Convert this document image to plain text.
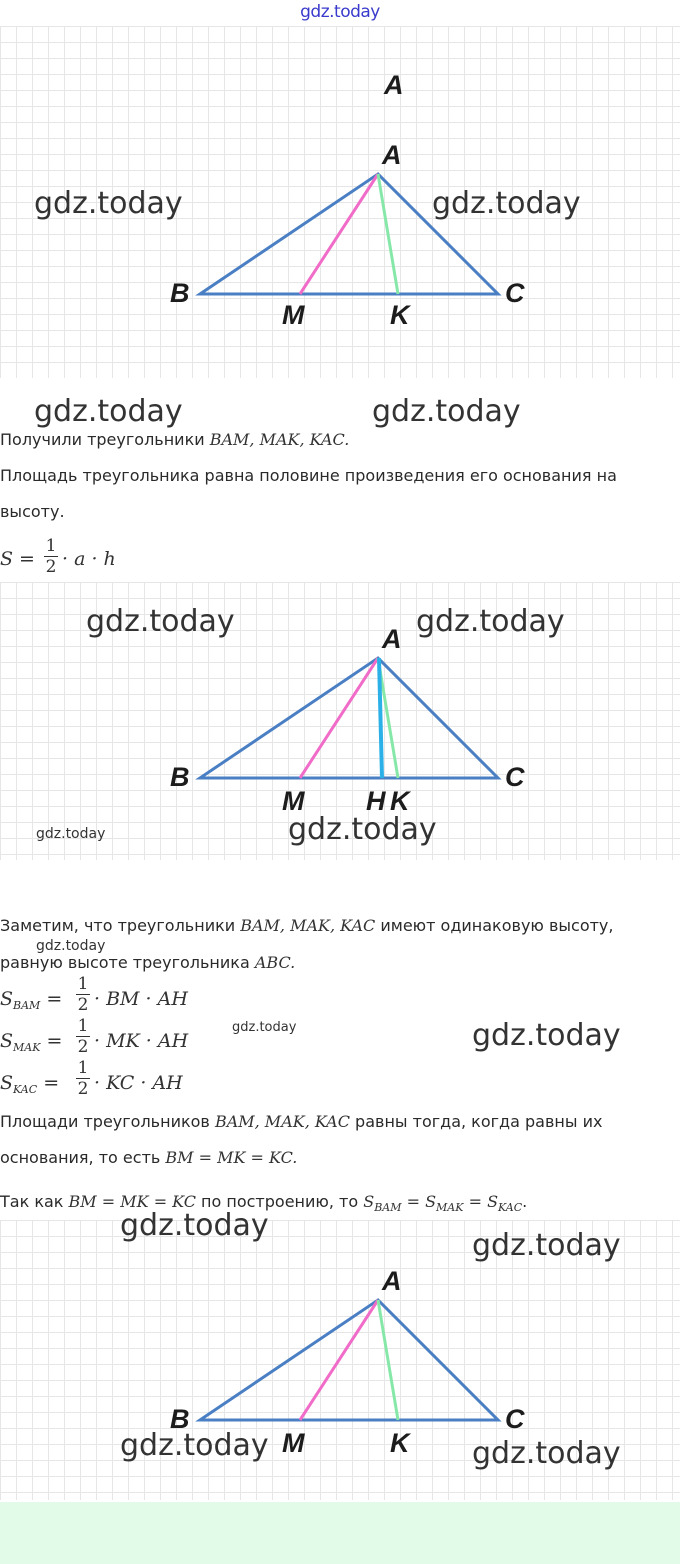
gdz.today
A
A
B	C
M	K
gdz.today	gdz.today
gdz.today	gdz.today
Получили треугольники BAM, MAK, KAC.
Площадь треугольника равна половине произведения его основания на
высоту.
S =
1
2 · a · h
A
B	C
M H K
gdz.today	gdz.today
gdz.today	gdz.today
Заметим, что треугольники BAM, MAK, KAC имеют одинаковую высоту,
gdz.today
равную высоте треугольника ABC.
$S_{BAM}$ =
1
2 · BM · AH
$S_{MAK}$ =
1
2 · MK · AH
$S_{KAC}$ =
1
2 · KC · AH
gdz.today	gdz.today
Площади треугольников BAM, MAK, KAC равны тогда, когда равны их
основания, то есть BM = MK = KC.
Так как BM = MK = KC по построению, то $S_{BAM} = S_{MAK} = S_{KAC}$.
A
B	C
M	K
gdz.today
gdz.today
gdz.today	gdz.today
